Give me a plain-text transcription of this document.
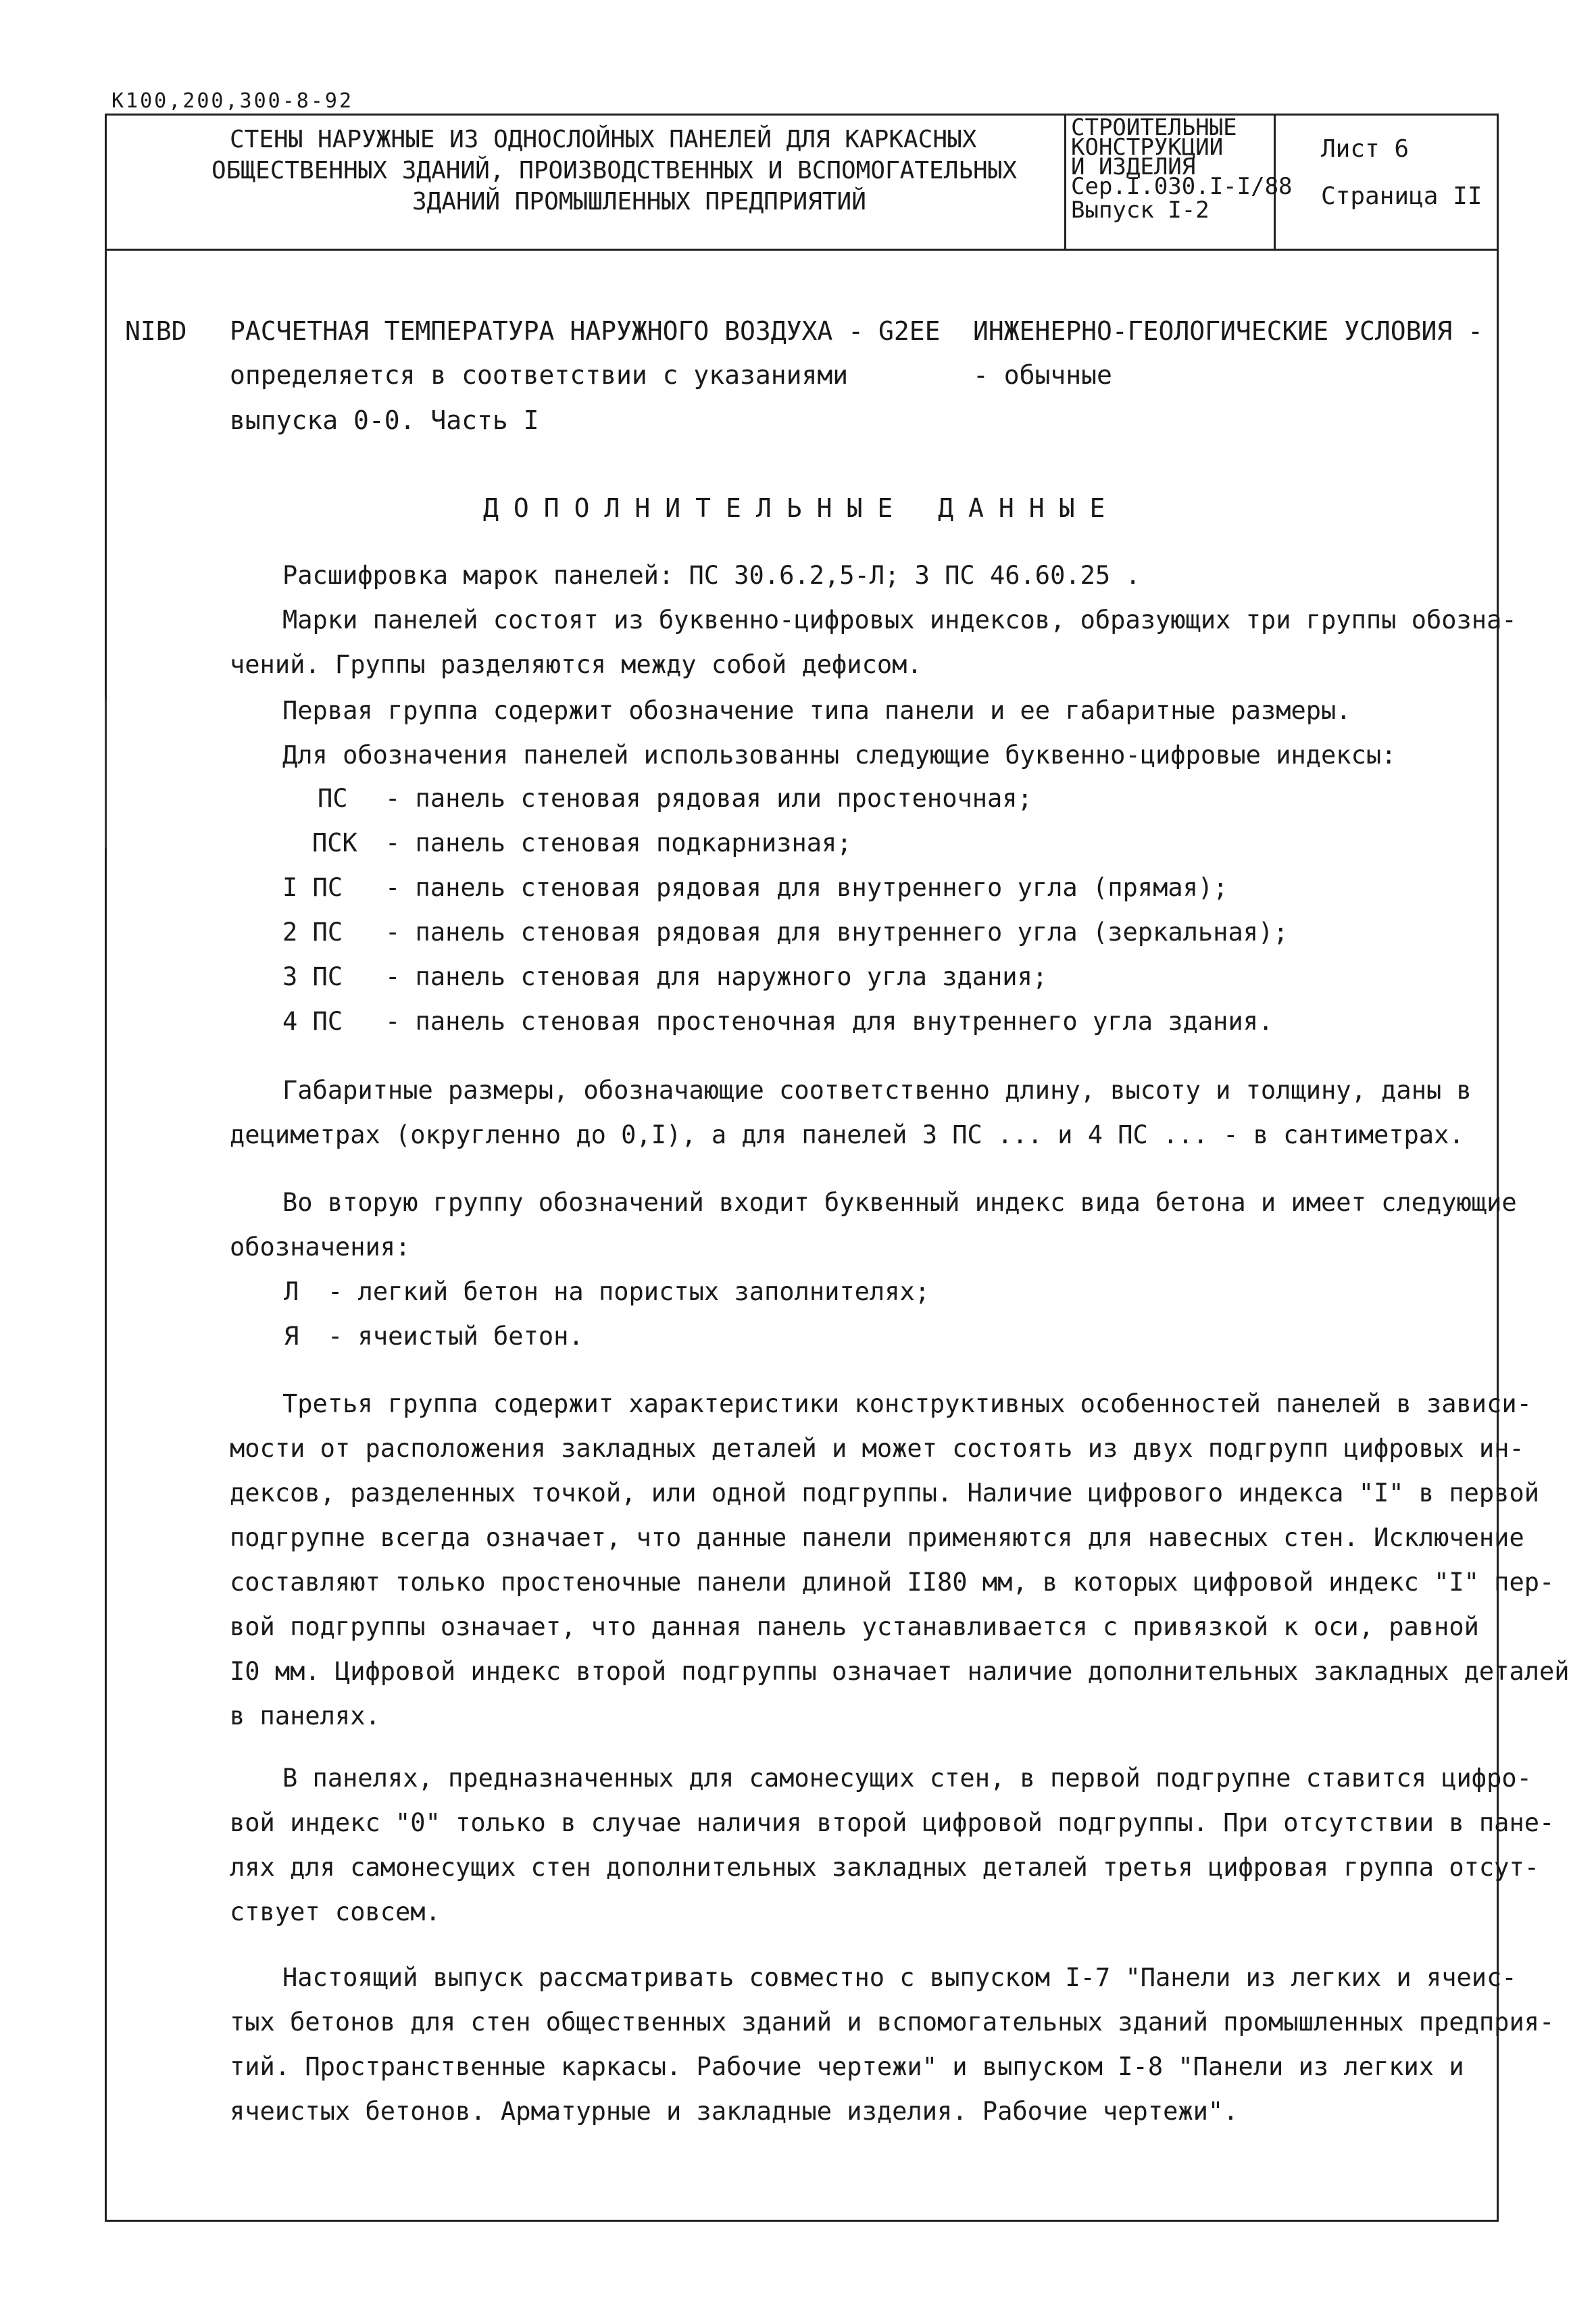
К100,200,300-8-92
СТЕНЫ НАРУЖНЫЕ ИЗ ОДНОСЛОЙНЫХ ПАНЕЛЕЙ ДЛЯ КАРКАСНЫХ
ОБЩЕСТВЕННЫХ ЗДАНИЙ, ПРОИЗВОДСТВЕННЫХ И ВСПОМОГАТЕЛЬНЫХ
ЗДАНИЙ ПРОМЫШЛЕННЫХ ПРЕДПРИЯТИЙ
СТРОИТЕЛЬНЫЕ
КОНСТРУКЦИИ
И ИЗДЕЛИЯ
Сер.I.030.I-I/88
Выпуск I-2
Лист 6
Страница II
NIBD РАСЧЕТНАЯ ТЕМПЕРАТУРА НАРУЖНОГО ВОЗДУХА -
определяется в соответствии с указаниями
выпуска 0-0. Часть I
G2EE ИНЖЕНЕРНО-ГЕОЛОГИЧЕСКИЕ УСЛОВИЯ -
- обычные
ДОПОЛНИТЕЛЬНЫЕ ДАННЫЕ
Расшифровка марок панелей: ПС 30.6.2,5-Л; 3 ПС 46.60.25 .
Марки панелей состоят из буквенно-цифровых индексов, образующих три группы обозна-
чений. Группы разделяются между собой дефисом.
Первая группа содержит обозначение типа панели и ее габаритные размеры.
Для обозначения панелей использованны следующие буквенно-цифровые индексы:
ПС - панель стеновая рядовая или простеночная;
ПСК - панель стеновая подкарнизная;
I ПС - панель стеновая рядовая для внутреннего угла (прямая);
2 ПС - панель стеновая рядовая для внутреннего угла (зеркальная);
3 ПС - панель стеновая для наружного угла здания;
4 ПС - панель стеновая простеночная для внутреннего угла здания.
Габаритные размеры, обозначающие соответственно длину, высоту и толщину, даны в
дециметрах (округленно до 0,I), а для панелей 3 ПС ... и 4 ПС ... - в сантиметрах.
Во вторую группу обозначений входит буквенный индекс вида бетона и имеет следующие
обозначения:
Л - легкий бетон на пористых заполнителях;
Я - ячеистый бетон.
Третья группа содержит характеристики конструктивных особенностей панелей в зависи-
мости от расположения закладных деталей и может состоять из двух подгрупп цифровых ин-
дексов, разделенных точкой, или одной подгруппы. Наличие цифрового индекса "I" в первой
подгрупне всегда означает, что данные панели применяются для навесных стен. Исключение
составляют только простеночные панели длиной II80 мм, в которых цифровой индекс "I" пер-
вой подгруппы означает, что данная панель устанавливается с привязкой к оси, равной
I0 мм. Цифровой индекс второй подгруппы означает наличие дополнительных закладных деталей
в панелях.
В панелях, предназначенных для самонесущих стен, в первой подгрупне ставится цифро-
вой индекс "0" только в случае наличия второй цифровой подгруппы. При отсутствии в пане-
лях для самонесущих стен дополнительных закладных деталей третья цифровая группа отсут-
ствует совсем.
Настоящий выпуск рассматривать совместно с выпуском I-7 "Панели из легких и ячеис-
тых бетонов для стен общественных зданий и вспомогательных зданий промышленных предприя-
тий. Пространственные каркасы. Рабочие чертежи" и выпуском I-8 "Панели из легких и
ячеистых бетонов. Арматурные и закладные изделия. Рабочие чертежи".
